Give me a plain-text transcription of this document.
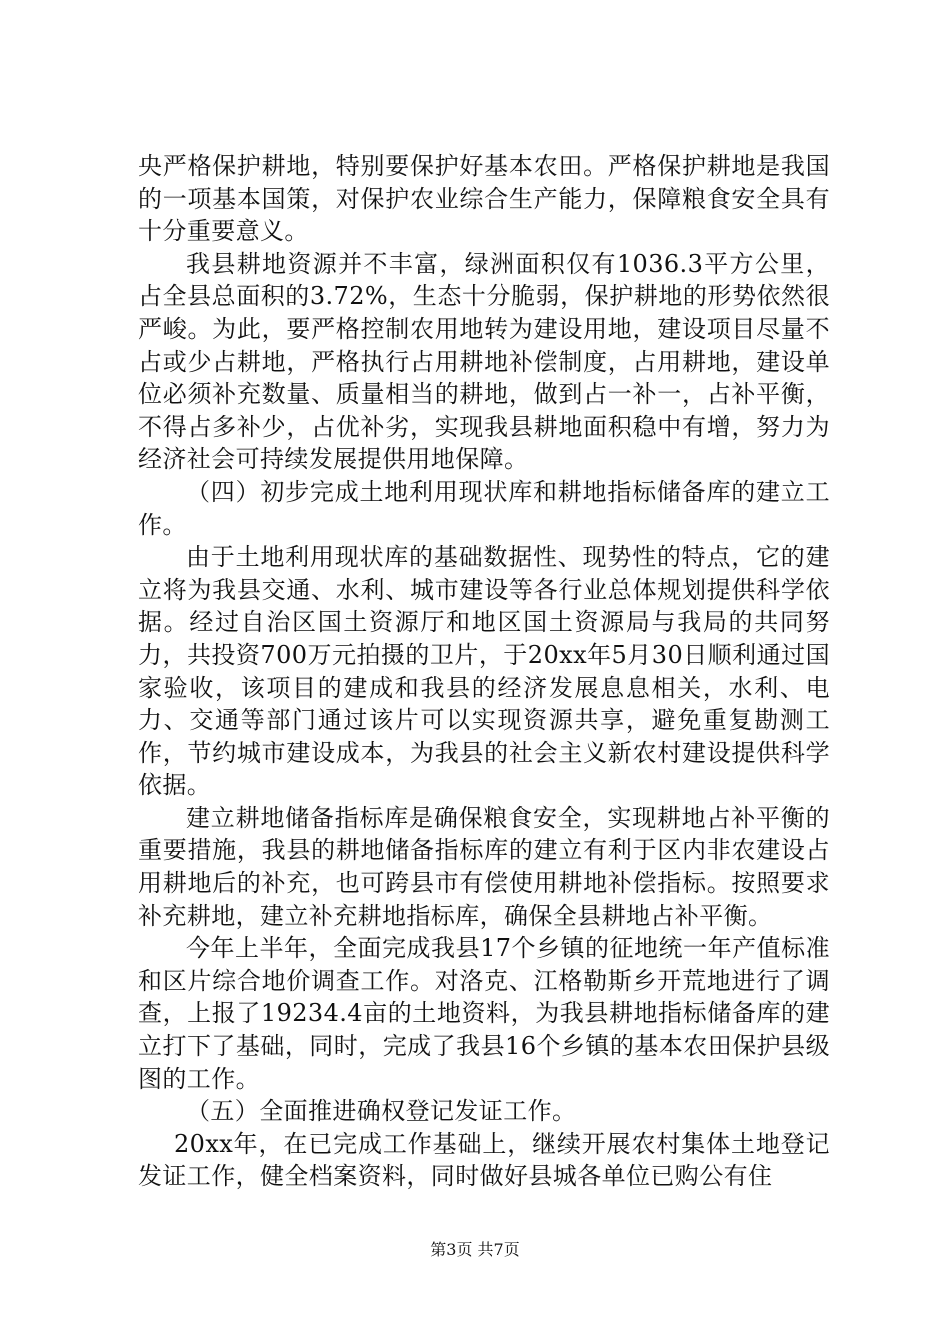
央严格保护耕地，特别要保护好基本农田。严格保护耕地是我国的一项基本国策，对保护农业综合生产能力，保障粮食安全具有十分重要意义。

我县耕地资源并不丰富，绿洲面积仅有1036.3平方公里，占全县总面积的3.72%，生态十分脆弱，保护耕地的形势依然很严峻。为此，要严格控制农用地转为建设用地，建设项目尽量不占或少占耕地，严格执行占用耕地补偿制度，占用耕地，建设单位必须补充数量、质量相当的耕地，做到占一补一，占补平衡，不得占多补少，占优补劣，实现我县耕地面积稳中有增，努力为经济社会可持续发展提供用地保障。

（四）初步完成土地利用现状库和耕地指标储备库的建立工作。

由于土地利用现状库的基础数据性、现势性的特点，它的建立将为我县交通、水利、城市建设等各行业总体规划提供科学依据。经过自治区国土资源厅和地区国土资源局与我局的共同努力，共投资700万元拍摄的卫片，于20xx年5月30日顺利通过国家验收，该项目的建成和我县的经济发展息息相关，水利、电力、交通等部门通过该片可以实现资源共享，避免重复勘测工作，节约城市建设成本，为我县的社会主义新农村建设提供科学依据。

建立耕地储备指标库是确保粮食安全，实现耕地占补平衡的重要措施，我县的耕地储备指标库的建立有利于区内非农建设占用耕地后的补充，也可跨县市有偿使用耕地补偿指标。按照要求补充耕地，建立补充耕地指标库，确保全县耕地占补平衡。

今年上半年，全面完成我县17个乡镇的征地统一年产值标准和区片综合地价调查工作。对洛克、江格勒斯乡开荒地进行了调查，上报了19234.4亩的土地资料，为我县耕地指标储备库的建立打下了基础，同时，完成了我县16个乡镇的基本农田保护县级图的工作。

（五）全面推进确权登记发证工作。

20xx年，在已完成工作基础上，继续开展农村集体土地登记发证工作，健全档案资料，同时做好县城各单位已购公有住

第3页 共7页
